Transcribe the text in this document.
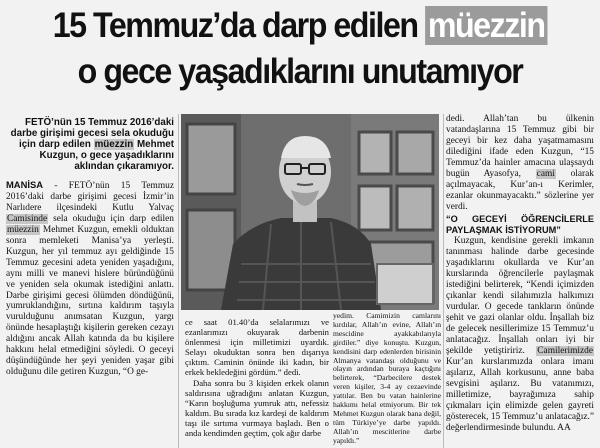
15 Temmuz’da darp edilen müezzin
o gece yaşadıklarını unutamıyor

FETÖ’nün 15 Temmuz 2016’daki darbe girişimi gecesi sela okuduğu için darp edilen müezzin Mehmet Kuzgun, o gece yaşadıklarını aklından çıkaramıyor.

MANİSA - FETÖ’nün 15 Temmuz 2016’daki darbe girişimi gecesi İzmir’in Narlıdere ilçesindeki Kutlu Yalvaç Camisinde sela okuduğu için darp edilen müezzin Mehmet Kuzgun, emekli olduktan sonra memleketi Manisa’ya yerleşti. Kuzgun, her yıl temmuz ayı geldiğinde 15 Temmuz gecesini adeta yeniden yaşadığını, aynı milli ve manevi hislere büründüğünü ve yeniden sela okumak istediğini anlattı. Darbe girişimi gecesi ölümden döndüğünü, yumruklandığını, sırtına kaldırım taşıyla vurulduğunu anımsatan Kuzgun, yargı önünde hesaplaştığı kişilerin gereken cezayı aldığını ancak Allah katında da bu kişilere hakkını helal etmediğini söyledi. O geceyi düşündüğünde her şeyi yeniden yaşar gibi olduğunu dile getiren Kuzgun, “O ge-

ce saat 01.40’da selalarımızı ve ezanlarımızı okuyarak darbenin önlenmesi için milletimizi uyardık. Selayı okuduktan sonra ben dışarıya çıktım. Caminin önünde iki kadın, bir erkek bekledeğini gördüm.” dedi.

Daha sonra bu 3 kişiden erkek olanın saldırısına uğradığını anlatan Kuzgun, “Karın boşluğuma yumruk attı, nefessiz kaldım. Bu sırada kız kardeşi de kaldırım taşı ile sırtıma vurmaya başladı. Ben o anda kendimden geçtim, çok ağır darbe

yedim. Camimizin camlarını kırdılar, Allah’ın evine, Allah’ın mescidine ayakkabılarıyla girdiler.” diye konuştu. Kuzgun, kendisini darp edenlerden birisinin Almanya vatandaşı olduğunu ve olayın ardından buraya kaçtığını belirterek, “Darbecilere destek veren kişiler, 3-4 ay cezaevinde yattılar. Ben bu vatan hainlerine hakkımı helal etmiyorum. Bir tek Mehmet Kuzgun olarak bana değil, tüm Türkiye’ye darbe yapıldı. Allah’ın mescitlerine darbe yapıldı.”

dedi. Allah’tan bu ülkenin vatandaşlarına 15 Temmuz gibi bir geceyi bir kez daha yaşatmamasını dilediğini ifade eden Kuzgun, “15 Temmuz’da hainler amacına ulaşsaydı bugün Ayasofya, cami olarak açılmayacak, Kur’an-ı Kerimler, ezanlar okunmayacaktı.” sözlerine yer verdi.

“O GECEYİ ÖĞRENCİLERLE PAYLAŞMAK İSTİYORUM”

Kuzgun, kendisine gerekli imkanın tanınması halinde darbe gecesinde yaşadıklarını okullarda ve Kur’an kurslarında öğrencilerle paylaşmak istediğini belirterek, “Kendi içimizden çıkanlar kendi silahımızla halkımızı vurdular. O gecede tankların önünde şehit ve gazi olanlar oldu. İnşallah biz de gelecek nesillerimize 15 Temmuz’u anlatacağız. İnşallah onları iyi bir şekilde yetiştiririz. Camilerimizde Kur’an kurslarımızda onlara imanı aşılarız, Allah korkusunu, anne baba sevgisini aşılarız. Bu vatanımızı, milletimize, bayrağımıza sahip çıkmaları için elimizde gelen gayreti gösterecek, 15 Temmuz’u anlatacağız.” değerlendirmesinde bulundu. AA
